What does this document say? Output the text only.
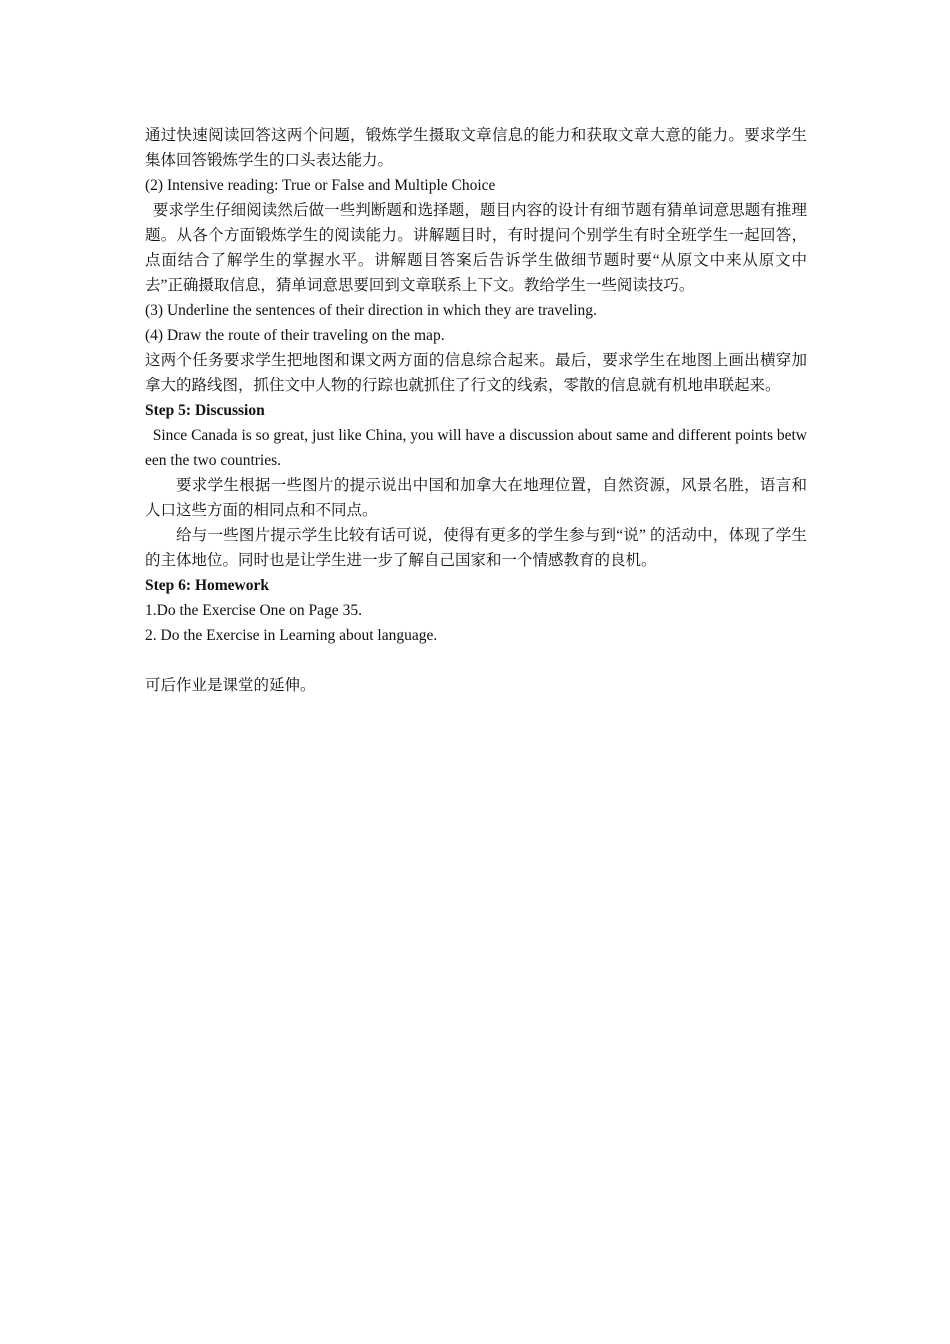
通过快速阅读回答这两个问题，锻炼学生摄取文章信息的能力和获取文章大意的能力。要求学生集体回答锻炼学生的口头表达能力。

(2) Intensive reading: True or False and Multiple Choice

要求学生仔细阅读然后做一些判断题和选择题，题目内容的设计有细节题有猜单词意思题有推理题。从各个方面锻炼学生的阅读能力。讲解题目时，有时提问个别学生有时全班学生一起回答，点面结合了解学生的掌握水平。讲解题目答案后告诉学生做细节题时要“从原文中来从原文中去”正确摄取信息，猜单词意思要回到文章联系上下文。教给学生一些阅读技巧。

(3) Underline the sentences of their direction in which they are traveling.

(4) Draw the route of their traveling on the map.

这两个任务要求学生把地图和课文两方面的信息综合起来。最后，要求学生在地图上画出横穿加拿大的路线图，抓住文中人物的行踪也就抓住了行文的线索，零散的信息就有机地串联起来。

Step 5: Discussion

Since Canada is so great, just like China, you will have a discussion about same and different points between the two countries.

要求学生根据一些图片的提示说出中国和加拿大在地理位置，自然资源，风景名胜，语言和人口这些方面的相同点和不同点。

给与一些图片提示学生比较有话可说，使得有更多的学生参与到“说” 的活动中，体现了学生的主体地位。同时也是让学生进一步了解自己国家和一个情感教育的良机。

Step 6: Homework

1.Do the Exercise One on Page 35.

2. Do the Exercise in Learning about language.

可后作业是课堂的延伸。
